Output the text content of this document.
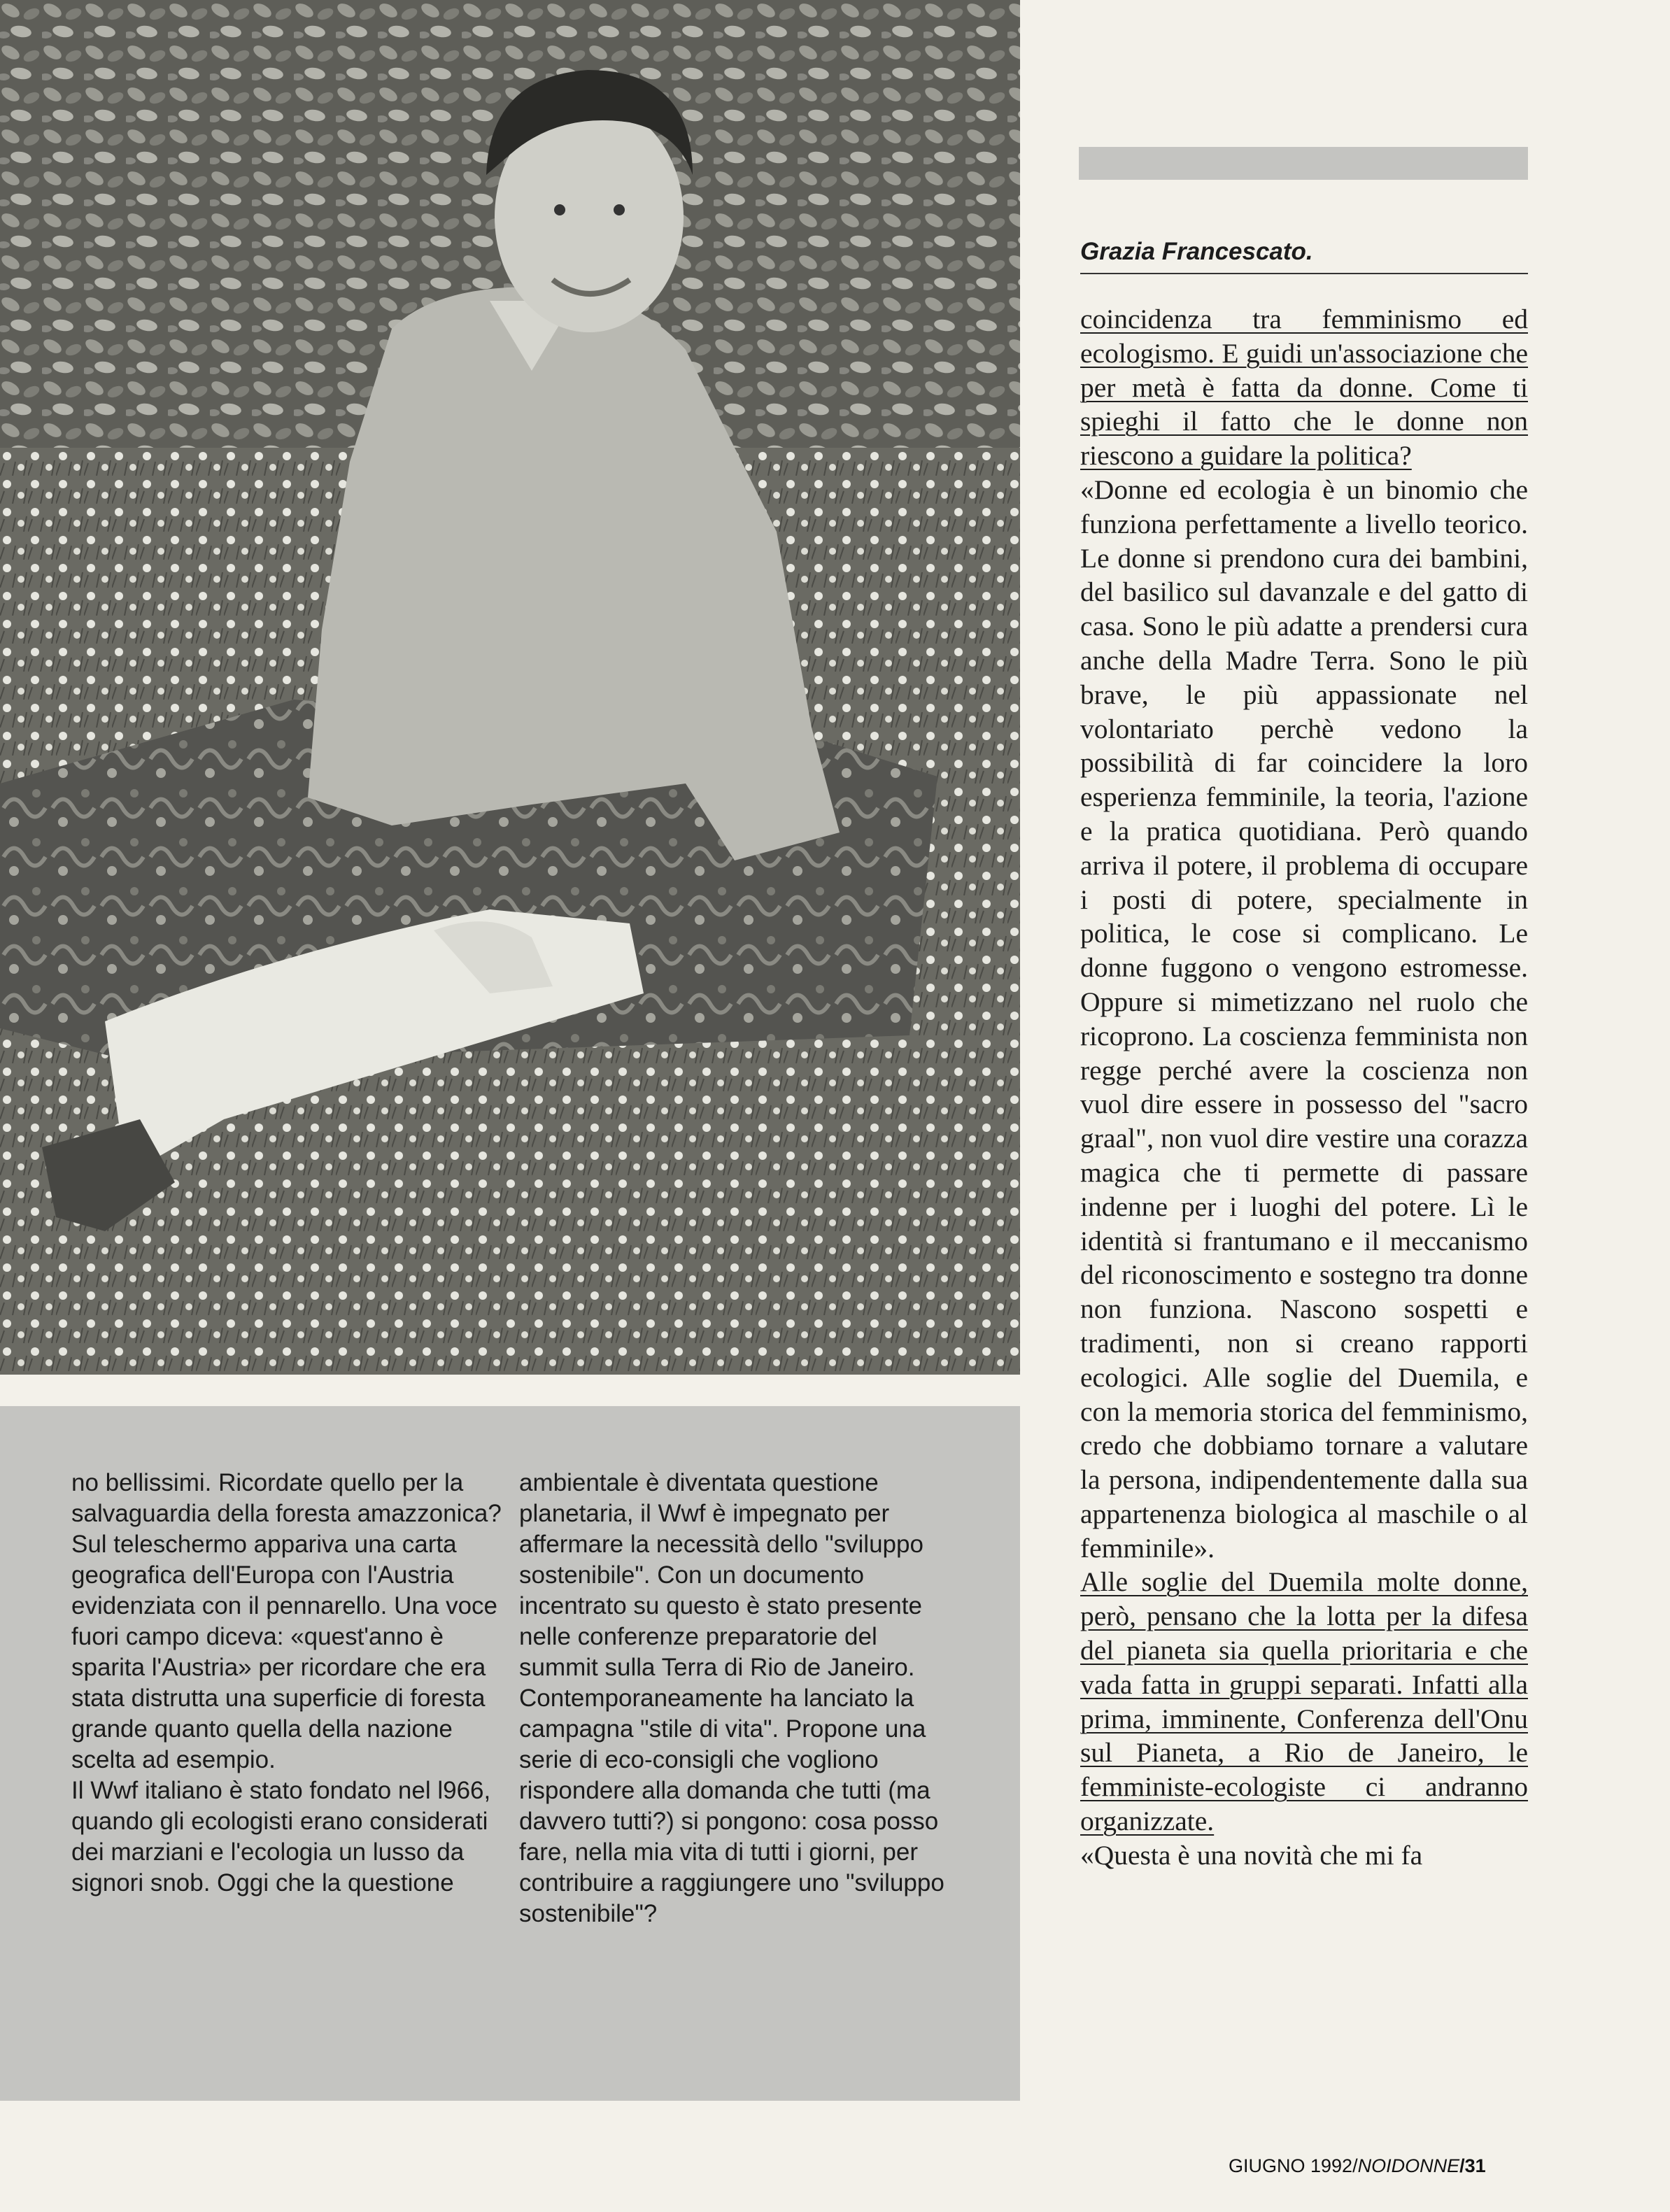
no bellissimi. Ricordate quello per la salvaguardia della foresta amazzonica? Sul teleschermo appariva una carta geografica dell'Europa con l'Austria evidenziata con il pennarello. Una voce fuori campo diceva: «quest'anno è sparita l'Austria» per ricordare che era stata distrutta una superficie di foresta grande quanto quella della nazione scelta ad esempio.

Il Wwf italiano è stato fondato nel l966, quando gli ecologisti erano considerati dei marziani e l'ecologia un lusso da signori snob. Oggi che la questione

ambientale è diventata questione planetaria, il Wwf è impegnato per affermare la necessità dello "sviluppo sostenibile". Con un documento incentrato su questo è stato presente nelle conferenze preparatorie del summit sulla Terra di Rio de Janeiro. Contemporaneamente ha lanciato la campagna "stile di vita". Propone una serie di eco-consigli che vogliono rispondere alla domanda che tutti (ma davvero tutti?) si pongono: cosa posso fare, nella mia vita di tutti i giorni, per contribuire a raggiungere uno "sviluppo sostenibile"?

Grazia Francescato.

coincidenza tra femminismo ed ecologismo. E guidi un'associazione che per metà è fatta da donne. Come ti spieghi il fatto che le donne non riescono a guidare la politica?

«Donne ed ecologia è un binomio che funziona perfettamente a livello teorico. Le donne si prendono cura dei bambini, del basilico sul davanzale e del gatto di casa. Sono le più adatte a prendersi cura anche della Madre Terra. Sono le più brave, le più appassionate nel volontariato perchè vedono la possibilità di far coincidere la loro esperienza femminile, la teoria, l'azione e la pratica quotidiana. Però quando arriva il potere, il problema di occupare i posti di potere, specialmente in politica, le cose si complicano. Le donne fuggono o vengono estromesse. Oppure si mimetizzano nel ruolo che ricoprono. La coscienza femminista non regge perché avere la coscienza non vuol dire essere in possesso del "sacro graal", non vuol dire vestire una corazza magica che ti permette di passare indenne per i luoghi del potere. Lì le identità si frantumano e il meccanismo del riconoscimento e sostegno tra donne non funziona. Nascono sospetti e tradimenti, non si creano rapporti ecologici. Alle soglie del Duemila, e con la memoria storica del femminismo, credo che dobbiamo tornare a valutare la persona, indipendentemente dalla sua appartenenza biologica al maschile o al femminile».

Alle soglie del Duemila molte donne, però, pensano che la lotta per la difesa del pianeta sia quella prioritaria e che vada fatta in gruppi separati. Infatti alla prima, imminente, Conferenza dell'Onu sul Pianeta, a Rio de Janeiro, le femministe-ecologiste ci andranno organizzate.

«Questa è una novità che mi fa

GIUGNO 1992/NOIDONNE/31
